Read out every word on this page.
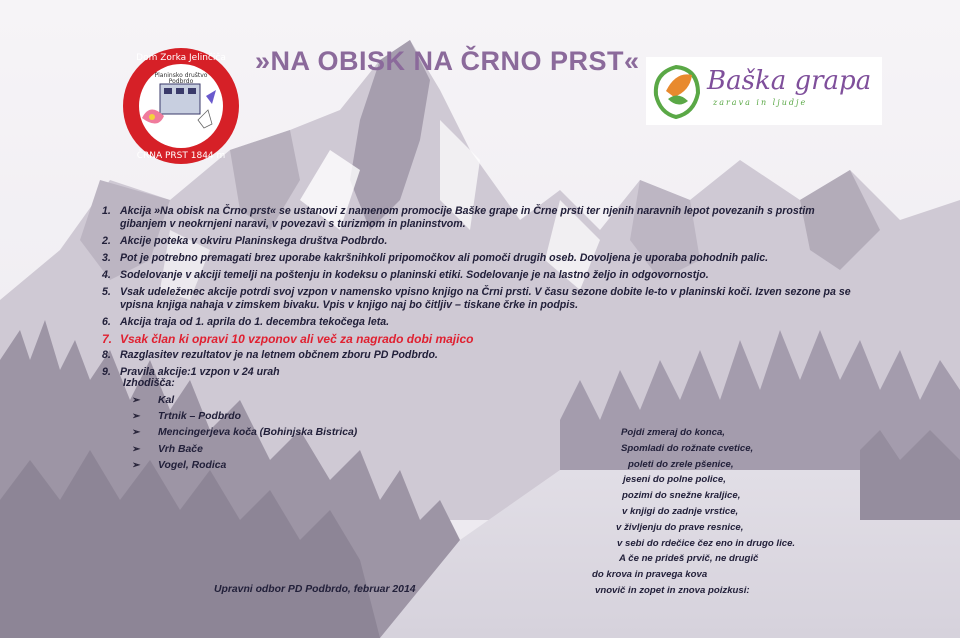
Dom Zorka Jelinčiča
Planinsko društvo
Podbrdo
ČRNA PRST 1844 m
»NA OBISK NA ČRNO PRST«
Baška grapa
zarava in ljudje
1. Akcija »Na obisk na Črno prst« se ustanovi z namenom promocije Baške grape in Črne prsti ter njenih naravnih lepot povezanih s prostim gibanjem v neokrnjeni naravi, v povezavi s turizmom in planinstvom.
2. Akcije poteka v okviru Planinskega društva Podbrdo.
3. Pot je potrebno premagati brez uporabe kakršnihkoli pripomočkov ali pomoči drugih oseb. Dovoljena je uporaba pohodnih palic.
4. Sodelovanje v akciji temelji na poštenju in kodeksu o planinski etiki. Sodelovanje je na lastno željo in odgovornostjo.
5. Vsak udeleženec akcije potrdi svoj vzpon v namensko vpisno knjigo na Črni prsti. V času sezone dobite le-to v planinski koči. Izven sezone pa se vpisna knjiga nahaja v zimskem bivaku. Vpis v knjigo naj bo čitljiv – tiskane črke in podpis.
6. Akcija traja od 1. aprila do 1. decembra tekočega leta.
7. Vsak član ki opravi 10 vzponov ali več za nagrado dobi majico
8. Razglasitev rezultatov je na letnem občnem zboru PD Podbrdo.
9. Pravila akcije:1 vzpon v 24 urah
Izhodišča:
➢	Kal
➢	Trtnik – Podbrdo
➢	Mencingerjeva koča (Bohinjska Bistrica)
➢	Vrh Bače
➢	Vogel, Rodica
Pojdi zmeraj do konca,
Spomladi do rožnate cvetice,
poleti do zrele pšenice,
jeseni do polne police,
pozimi do snežne kraljice,
v knjigi do zadnje vrstice,
v življenju do prave resnice,
v sebi do rdečice čez eno in drugo lice.
A če ne prideš prvič, ne drugič
do krova in pravega kova
vnovič in zopet in znova poizkusi:
Upravni odbor PD Podbrdo, februar 2014
